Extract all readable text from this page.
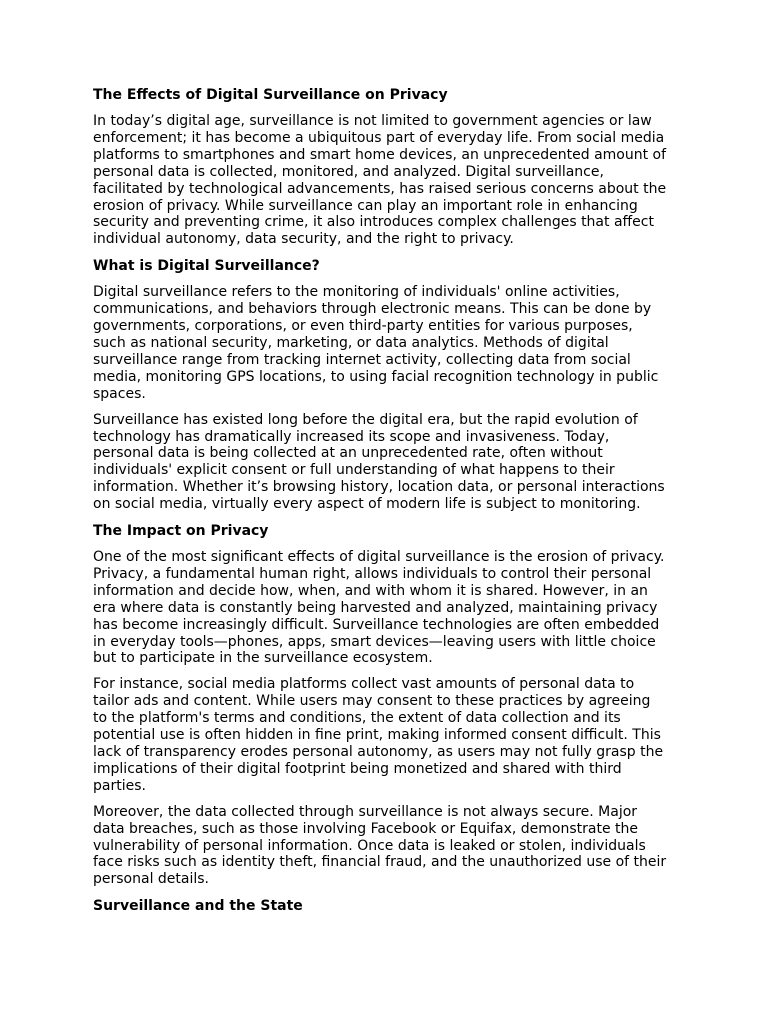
The Effects of Digital Surveillance on Privacy
In today’s digital age, surveillance is not limited to government agencies or law
enforcement; it has become a ubiquitous part of everyday life. From social media
platforms to smartphones and smart home devices, an unprecedented amount of
personal data is collected, monitored, and analyzed. Digital surveillance,
facilitated by technological advancements, has raised serious concerns about the
erosion of privacy. While surveillance can play an important role in enhancing
security and preventing crime, it also introduces complex challenges that affect
individual autonomy, data security, and the right to privacy.
What is Digital Surveillance?
Digital surveillance refers to the monitoring of individuals' online activities,
communications, and behaviors through electronic means. This can be done by
governments, corporations, or even third-party entities for various purposes,
such as national security, marketing, or data analytics. Methods of digital
surveillance range from tracking internet activity, collecting data from social
media, monitoring GPS locations, to using facial recognition technology in public
spaces.
Surveillance has existed long before the digital era, but the rapid evolution of
technology has dramatically increased its scope and invasiveness. Today,
personal data is being collected at an unprecedented rate, often without
individuals' explicit consent or full understanding of what happens to their
information. Whether it’s browsing history, location data, or personal interactions
on social media, virtually every aspect of modern life is subject to monitoring.
The Impact on Privacy
One of the most significant effects of digital surveillance is the erosion of privacy.
Privacy, a fundamental human right, allows individuals to control their personal
information and decide how, when, and with whom it is shared. However, in an
era where data is constantly being harvested and analyzed, maintaining privacy
has become increasingly difficult. Surveillance technologies are often embedded
in everyday tools—phones, apps, smart devices—leaving users with little choice
but to participate in the surveillance ecosystem.
For instance, social media platforms collect vast amounts of personal data to
tailor ads and content. While users may consent to these practices by agreeing
to the platform's terms and conditions, the extent of data collection and its
potential use is often hidden in fine print, making informed consent difficult. This
lack of transparency erodes personal autonomy, as users may not fully grasp the
implications of their digital footprint being monetized and shared with third
parties.
Moreover, the data collected through surveillance is not always secure. Major
data breaches, such as those involving Facebook or Equifax, demonstrate the
vulnerability of personal information. Once data is leaked or stolen, individuals
face risks such as identity theft, financial fraud, and the unauthorized use of their
personal details.
Surveillance and the State
